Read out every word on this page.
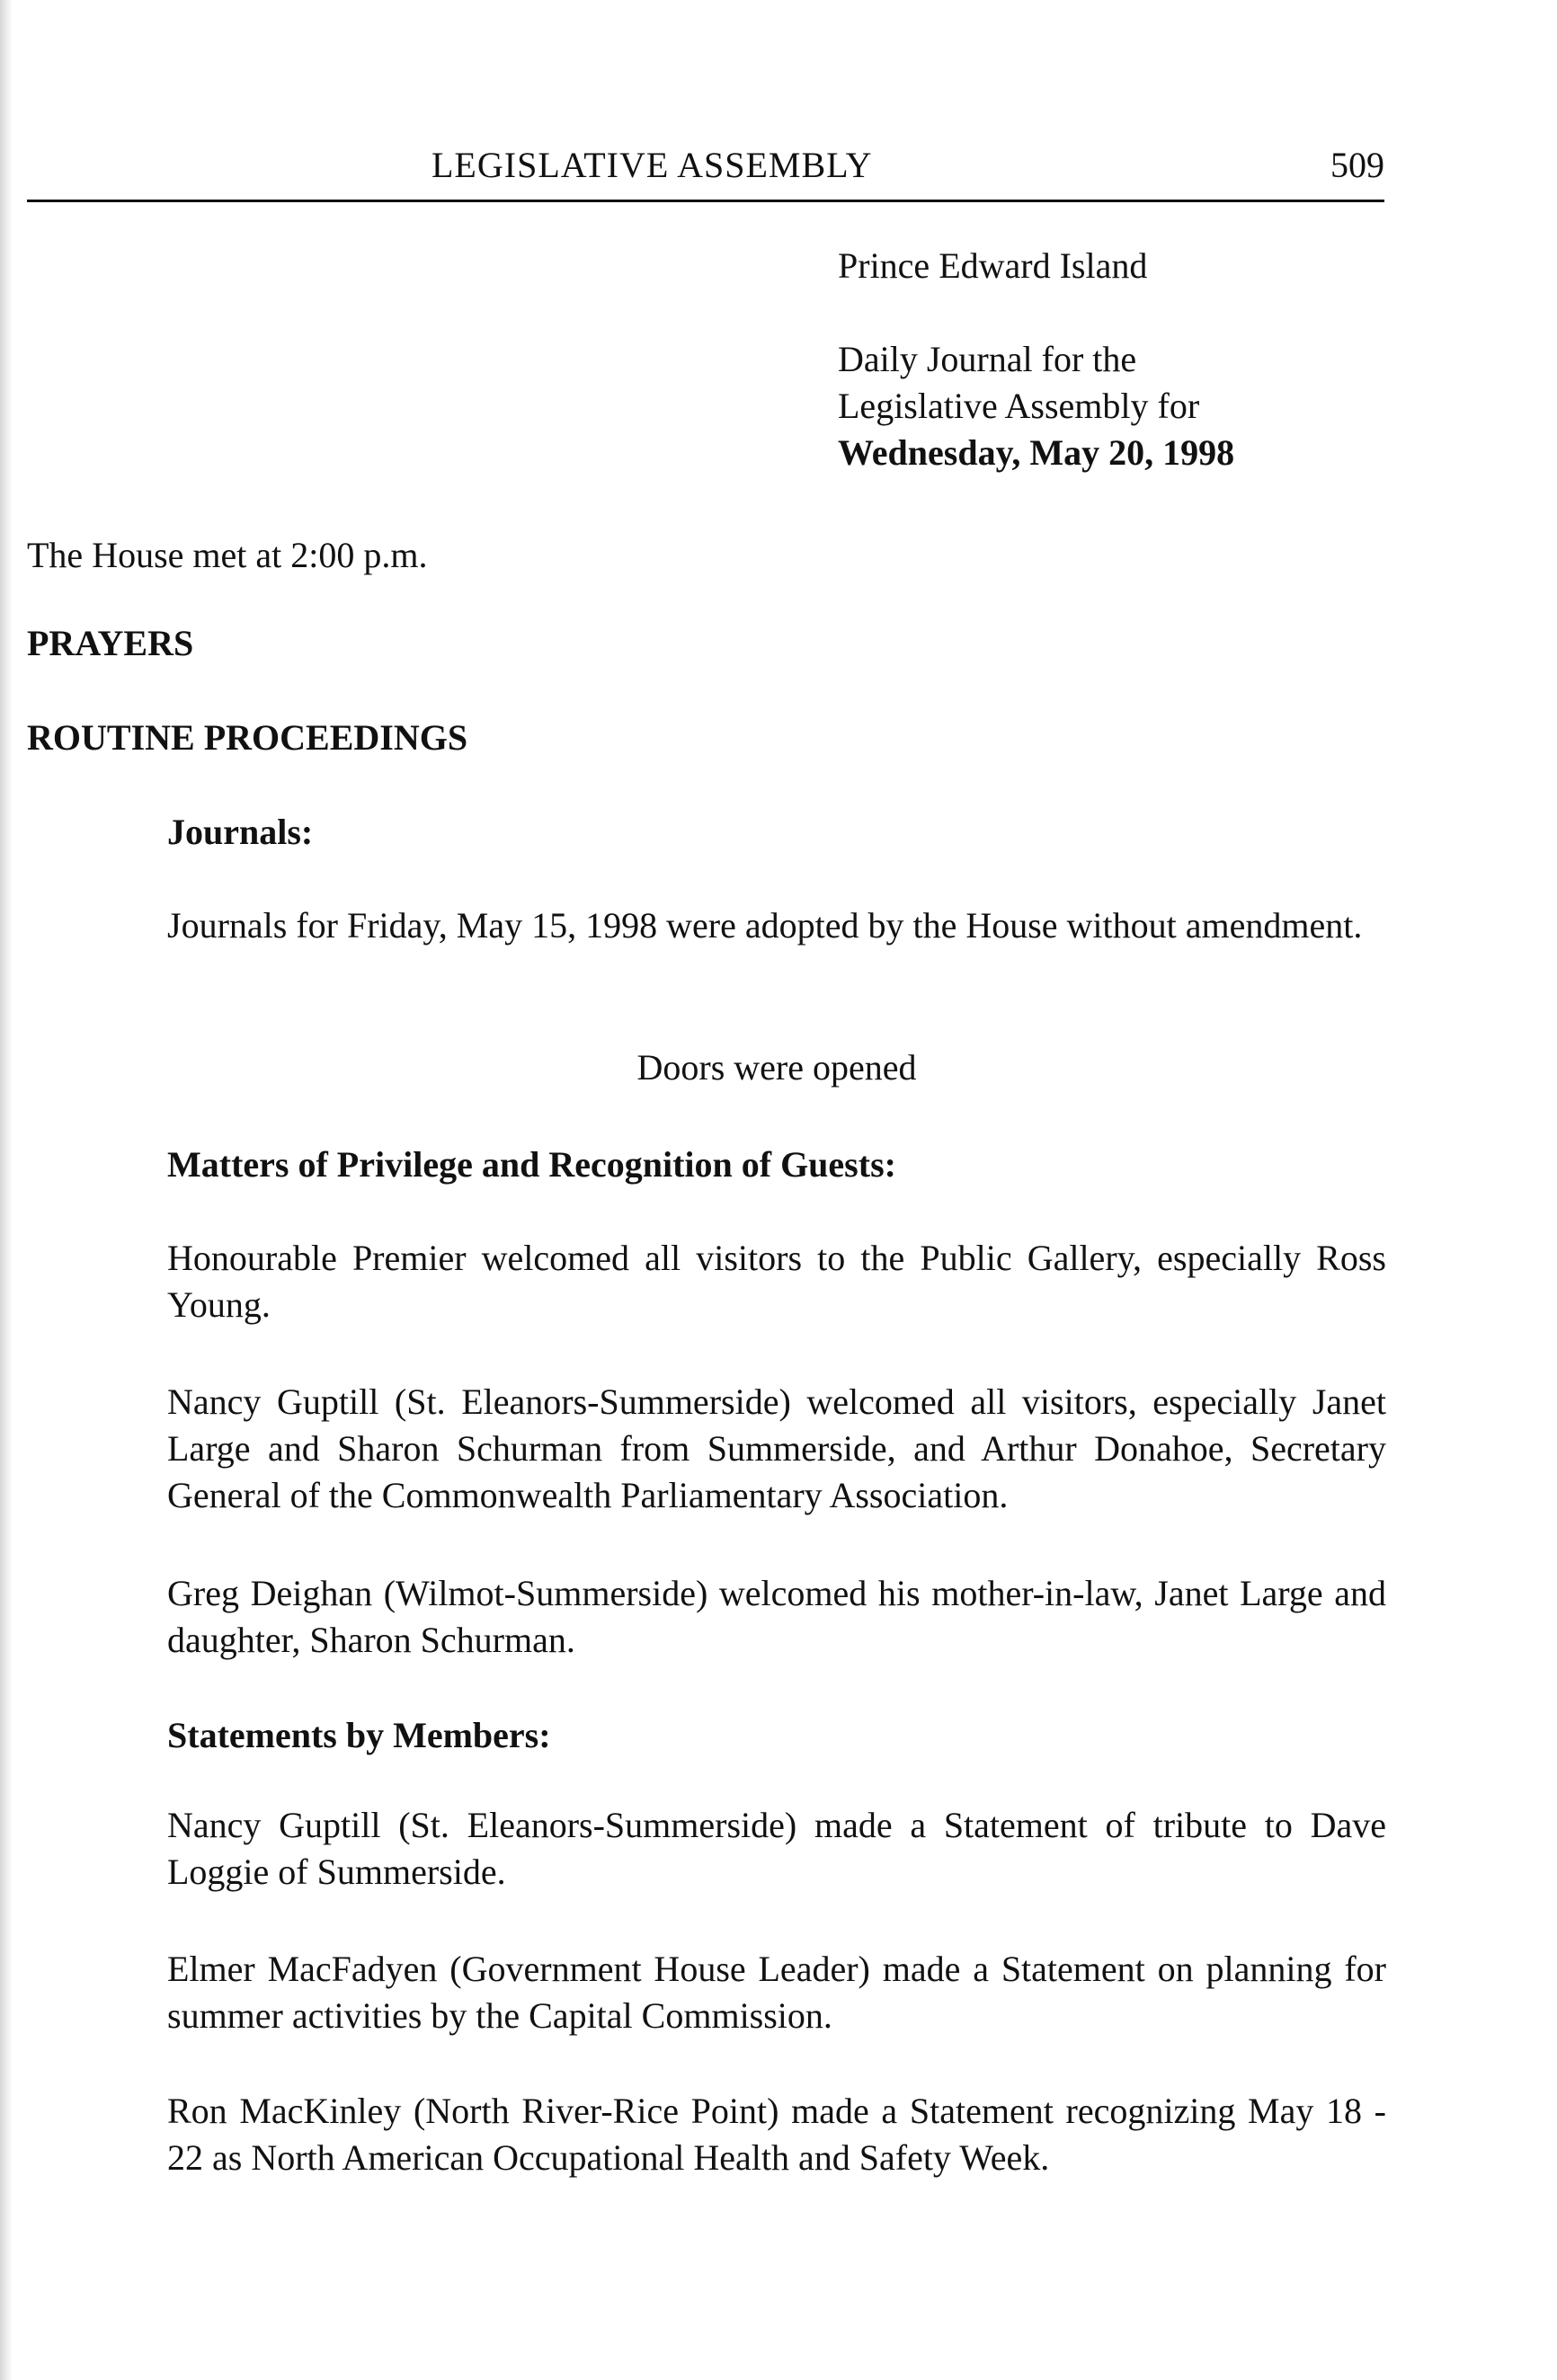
LEGISLATIVE ASSEMBLY	509

Prince Edward Island

Daily Journal for the

Legislative Assembly for

Wednesday, May 20, 1998

The House met at 2:00 p.m.
PRAYERS
ROUTINE PROCEEDINGS
Journals:

Journals for Friday, May 15, 1998 were adopted by the House without amendment.

Doors were opened
Matters of Privilege and Recognition of Guests:

Honourable Premier welcomed all visitors to the Public Gallery, especially Ross Young.

Nancy Guptill (St. Eleanors-Summerside) welcomed all visitors, especially Janet Large and Sharon Schurman from Summerside, and Arthur Donahoe, Secretary General of the Commonwealth Parliamentary Association.

Greg Deighan (Wilmot-Summerside) welcomed his mother-in-law, Janet Large and daughter, Sharon Schurman.

Statements by Members:

Nancy Guptill (St. Eleanors-Summerside) made a Statement of tribute to Dave Loggie of Summerside.

Elmer MacFadyen (Government House Leader) made a Statement on planning for summer activities by the Capital Commission.

Ron MacKinley (North River-Rice Point) made a Statement recognizing May 18 - 22 as North American Occupational Health and Safety Week.
